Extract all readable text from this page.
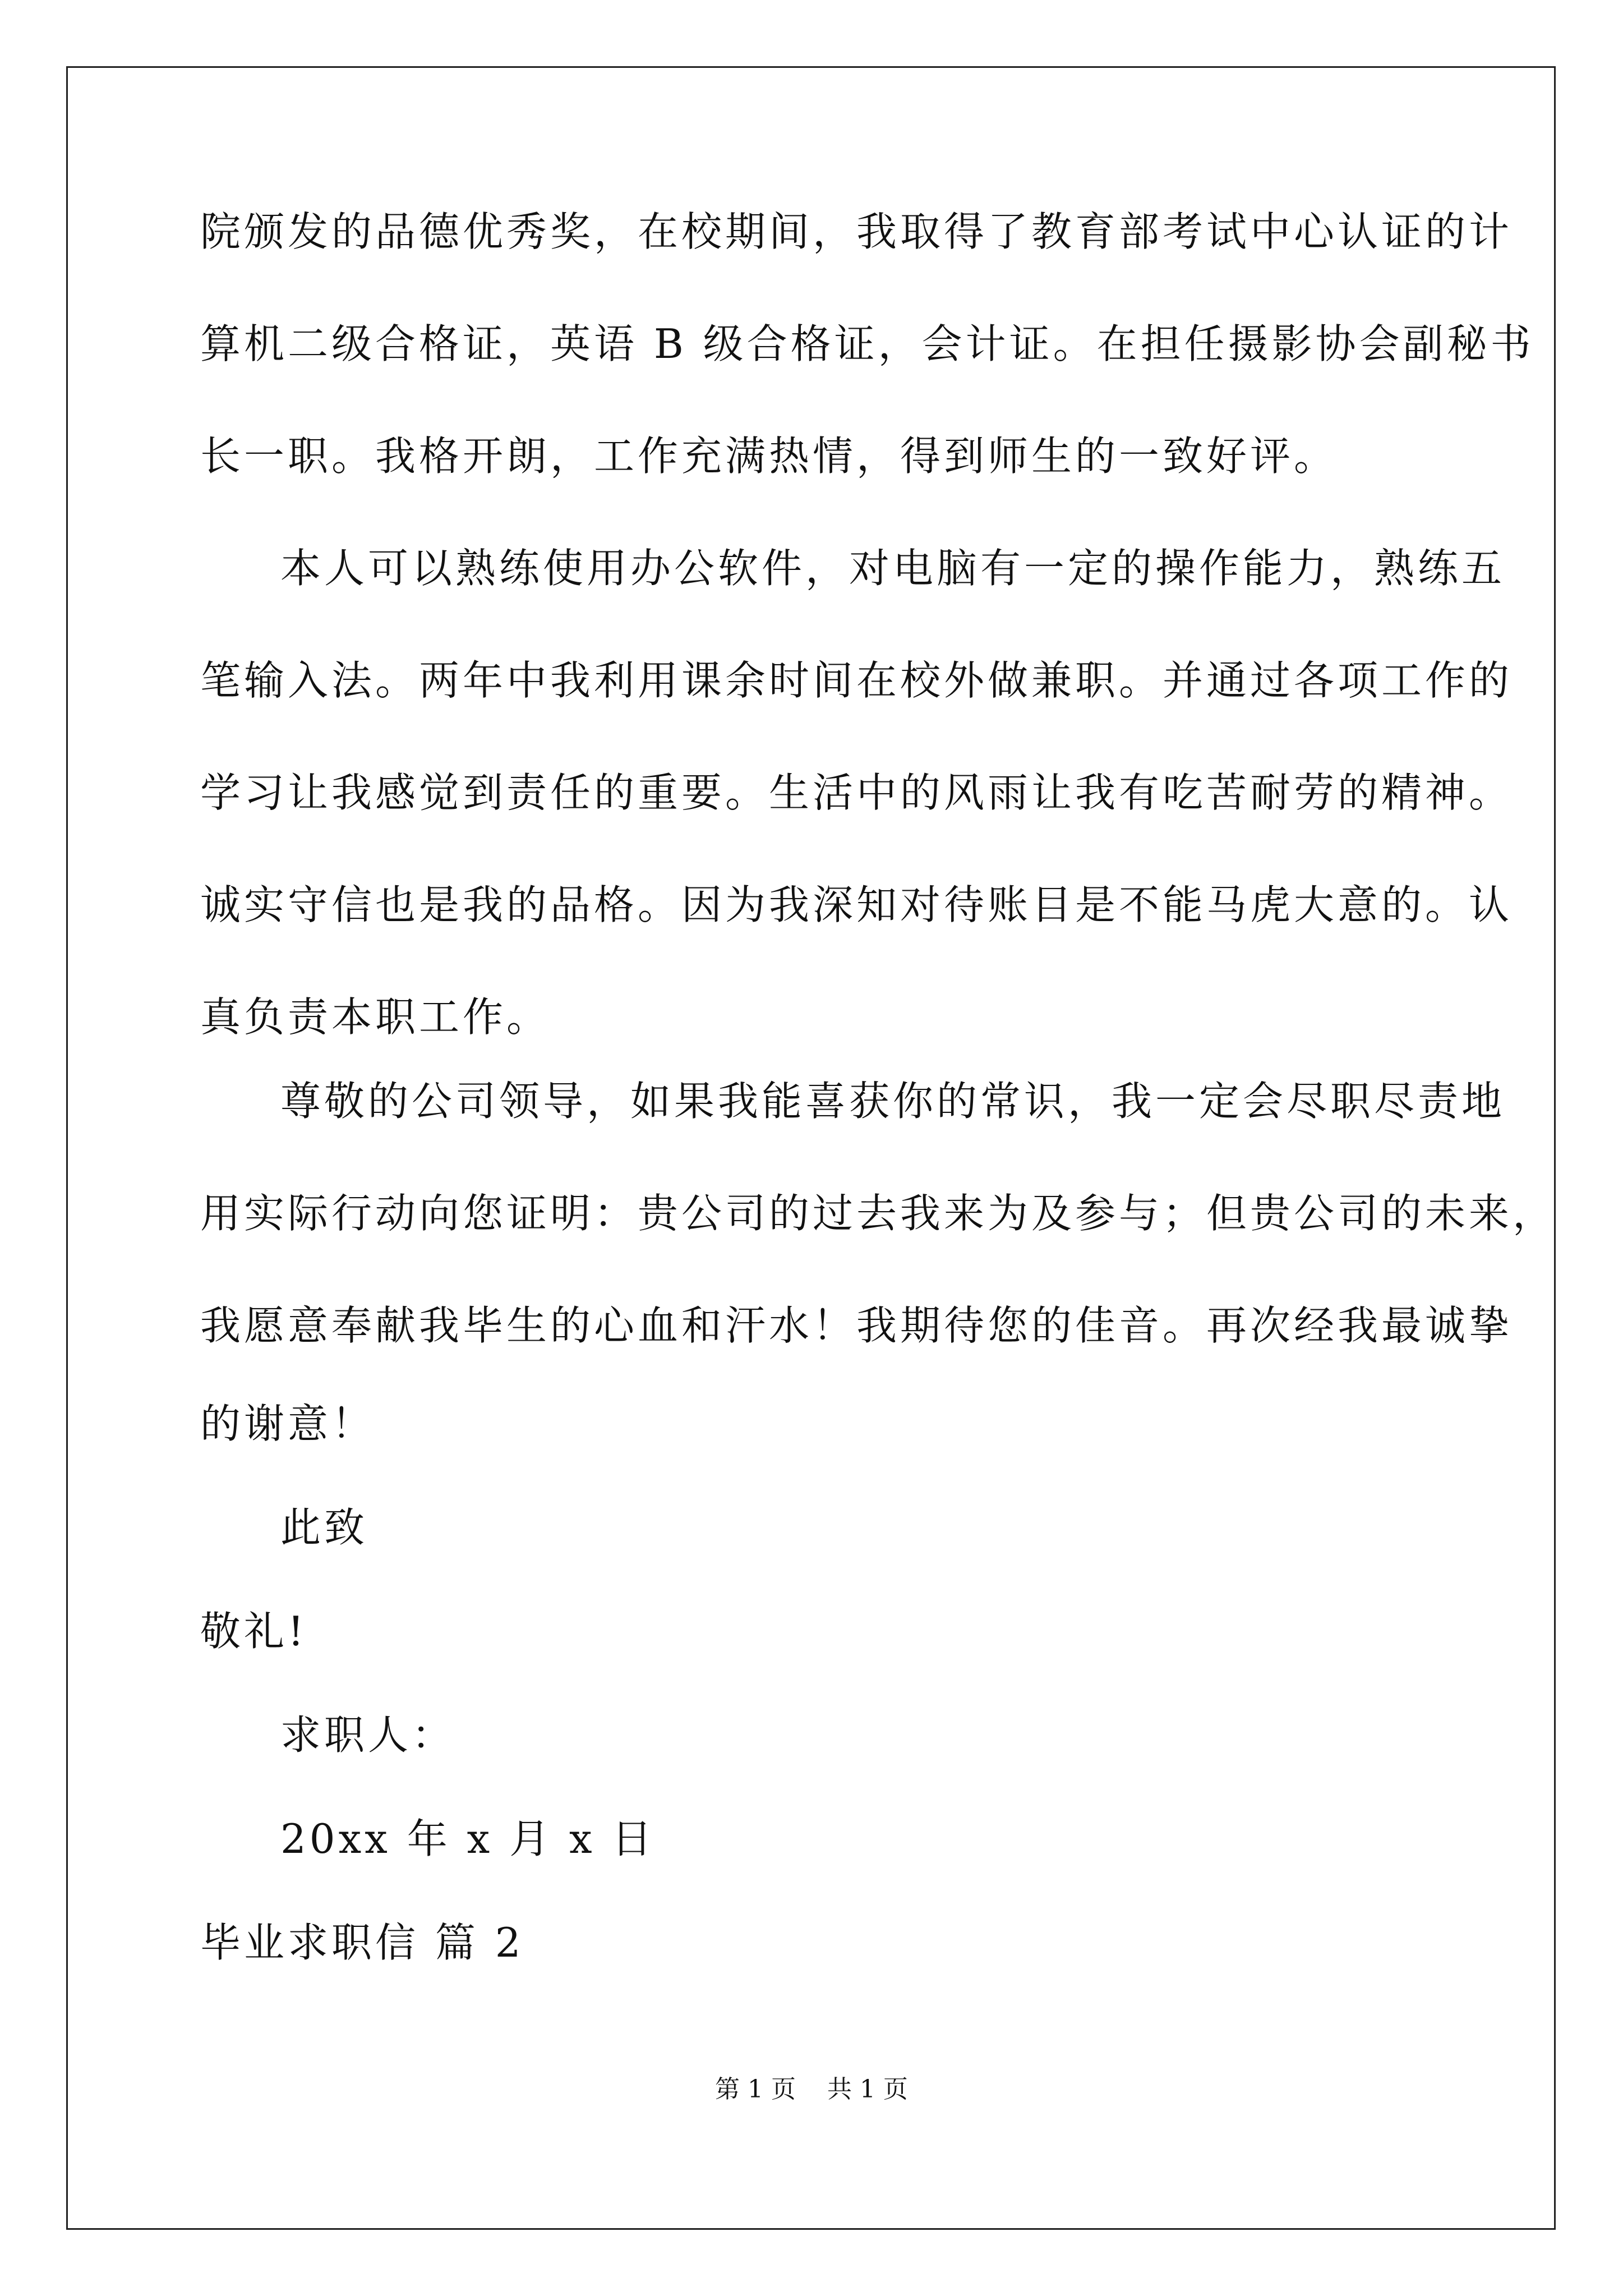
院颁发的品德优秀奖，在校期间，我取得了教育部考试中心认证的计
算机二级合格证，英语 B 级合格证，会计证。在担任摄影协会副秘书
长一职。我格开朗，工作充满热情，得到师生的一致好评。
本人可以熟练使用办公软件，对电脑有一定的操作能力，熟练五
笔输入法。两年中我利用课余时间在校外做兼职。并通过各项工作的
学习让我感觉到责任的重要。生活中的风雨让我有吃苦耐劳的精神。
诚实守信也是我的品格。因为我深知对待账目是不能马虎大意的。认
真负责本职工作。
尊敬的公司领导，如果我能喜获你的常识，我一定会尽职尽责地
用实际行动向您证明：贵公司的过去我来为及参与；但贵公司的未来，
我愿意奉献我毕生的心血和汗水！我期待您的佳音。再次经我最诚挚
的谢意！
此致
敬礼!
求职人：
20xx 年 x 月 x 日
毕业求职信 篇 2
第 1 页    共 1 页
